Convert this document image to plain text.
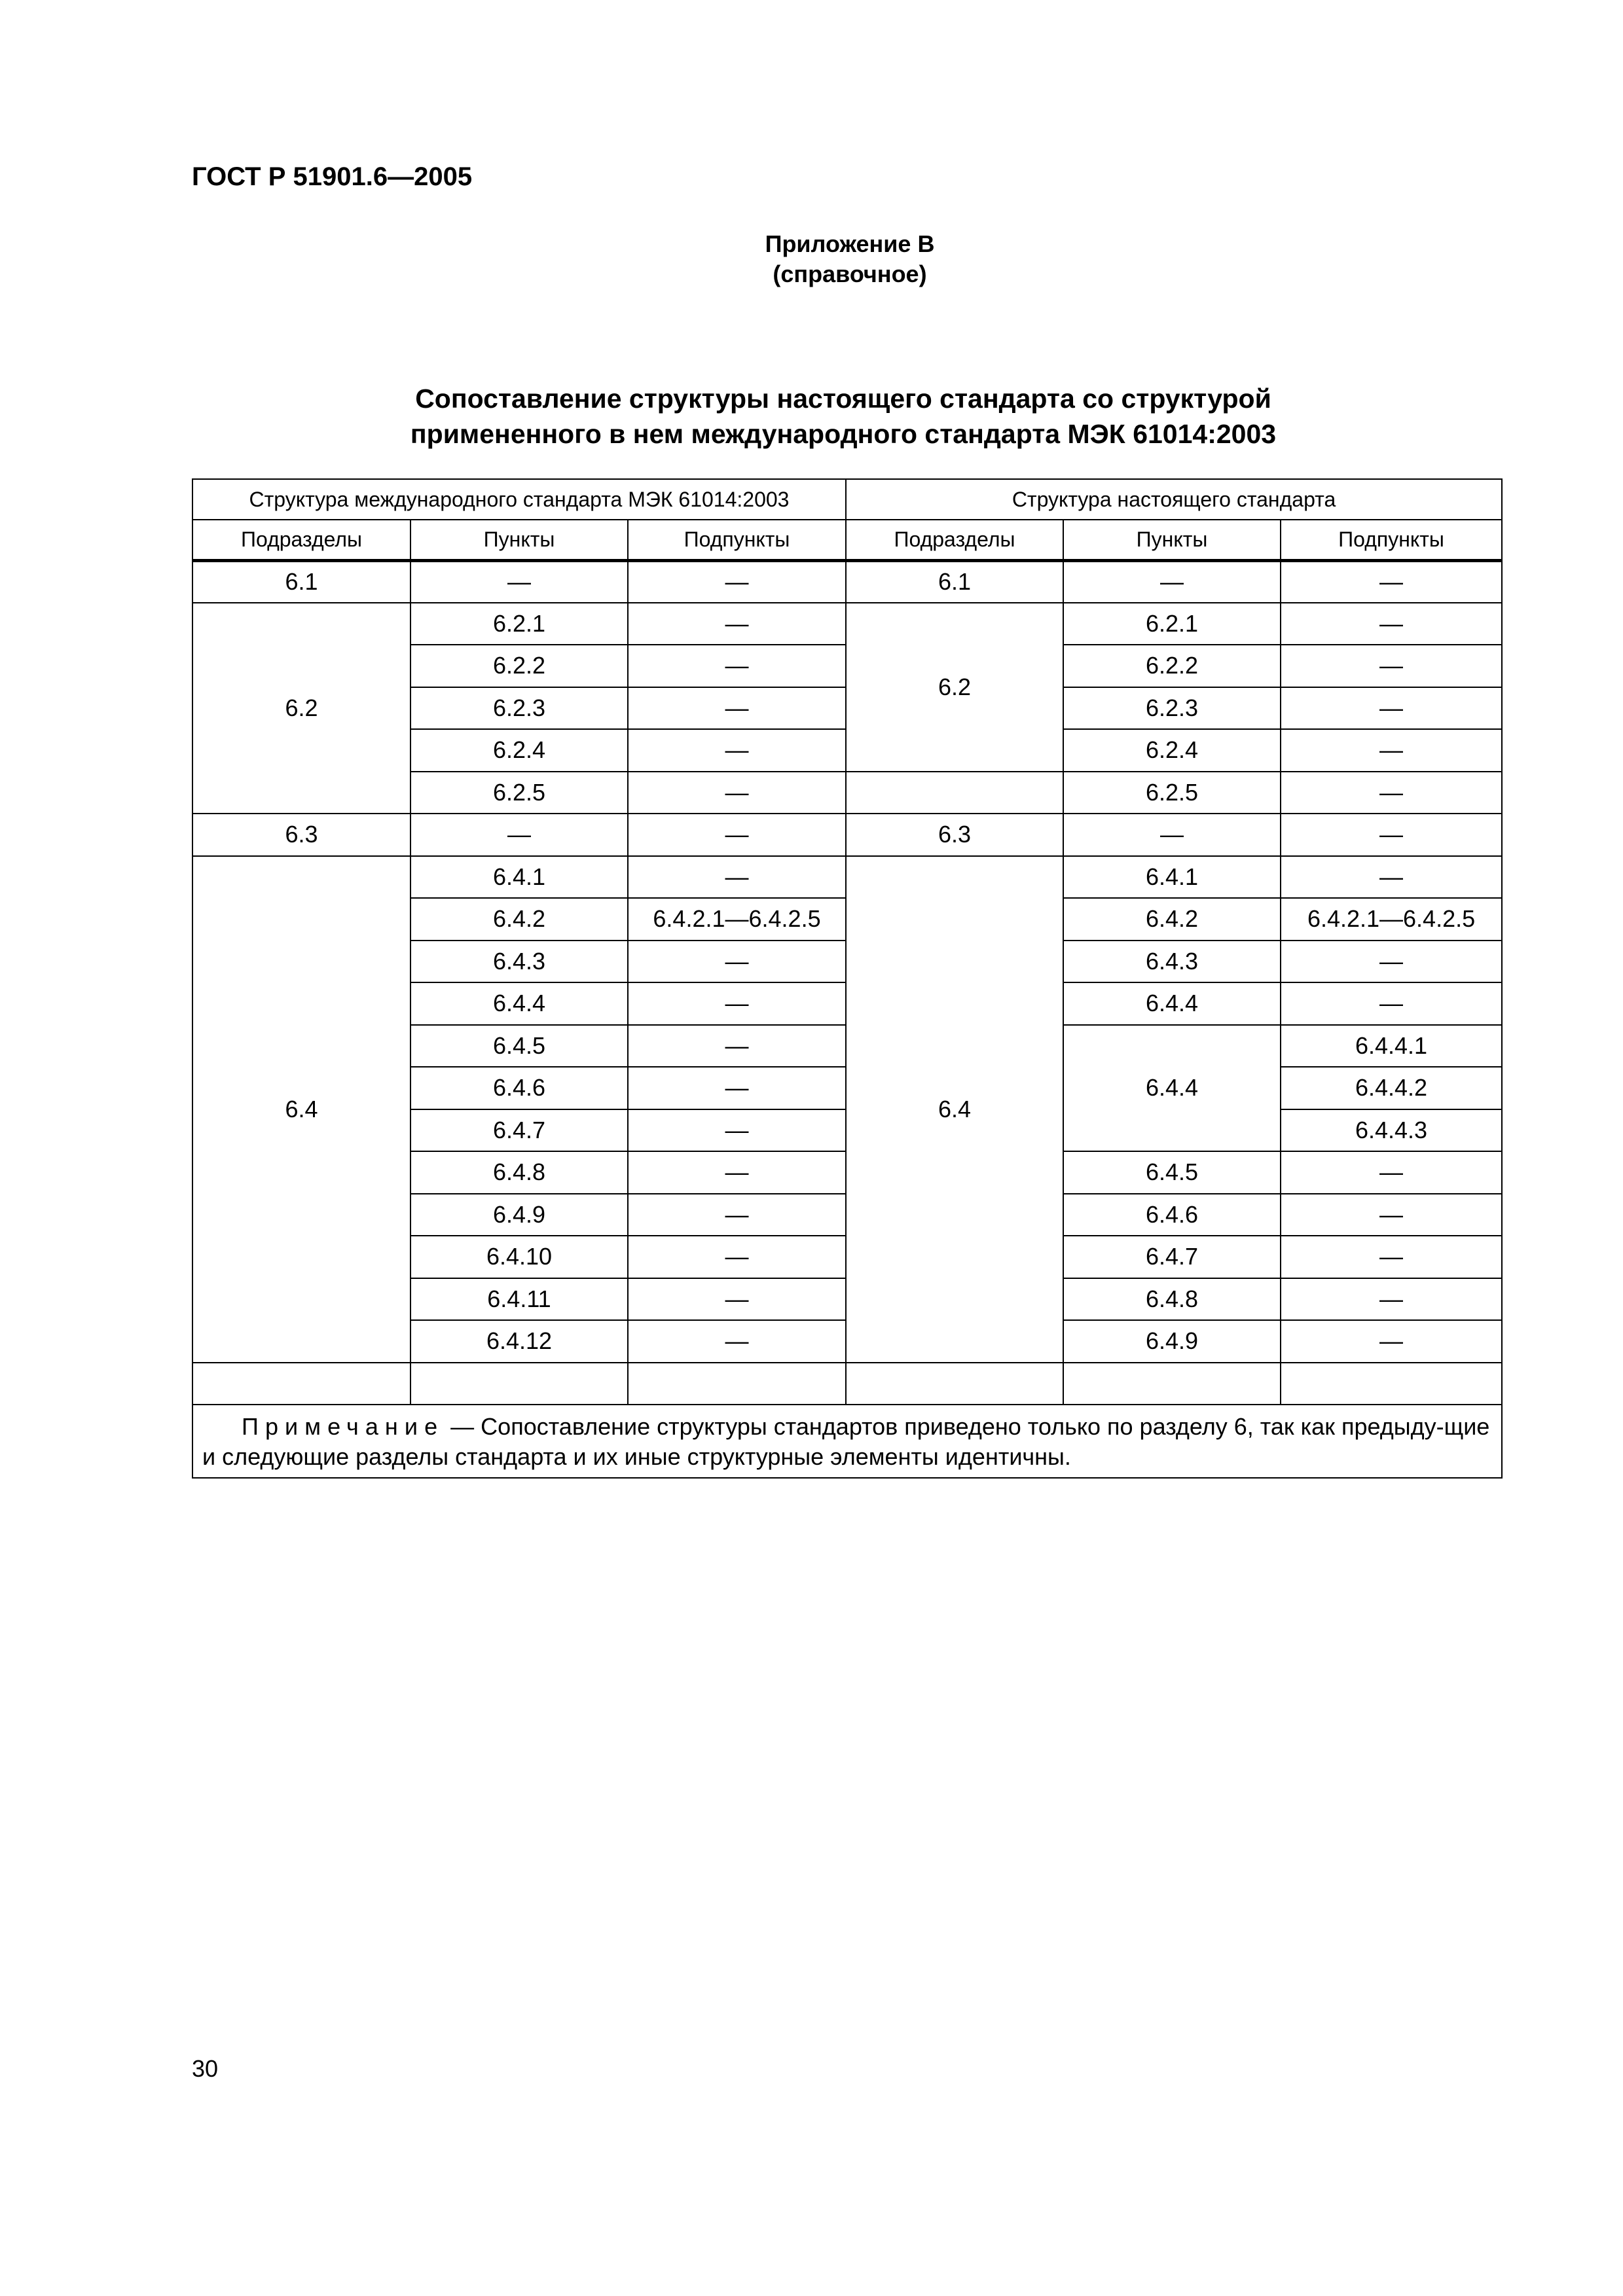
ГОСТ Р 51901.6—2005
Приложение В
(справочное)
Сопоставление структуры настоящего стандарта со структурой
примененного в нем международного стандарта МЭК 61014:2003
Структура международного стандарта МЭК 61014:2003			Структура настоящего стандарта		
Подразделы	Пункты	Подпункты	Подразделы	Пункты	Подпункты
6.1	—	—	6.1	—	—
6.2	6.2.1	—	6.2	6.2.1	—
	6.2.2	—		6.2.2	—
	6.2.3	—		6.2.3	—
	6.2.4	—		6.2.4	—
	6.2.5	—		6.2.5	—
6.3	—	—	6.3	—	—
6.4	6.4.1	—	6.4	6.4.1	—
	6.4.2	6.4.2.1—6.4.2.5		6.4.2	6.4.2.1—6.4.2.5
	6.4.3	—		6.4.3	—
	6.4.4	—		6.4.4	—
	6.4.5	—		6.4.4	6.4.4.1
	6.4.6	—			6.4.4.2
	6.4.7	—			6.4.4.3
	6.4.8	—		6.4.5	—
	6.4.9	—		6.4.6	—
	6.4.10	—		6.4.7	—
	6.4.11	—		6.4.8	—
	6.4.12	—		6.4.9	—

Примечание — Сопоставление структуры стандартов приведено только по разделу 6, так как предыду-щие и следующие разделы стандарта и их иные структурные элементы идентичны.					
30
